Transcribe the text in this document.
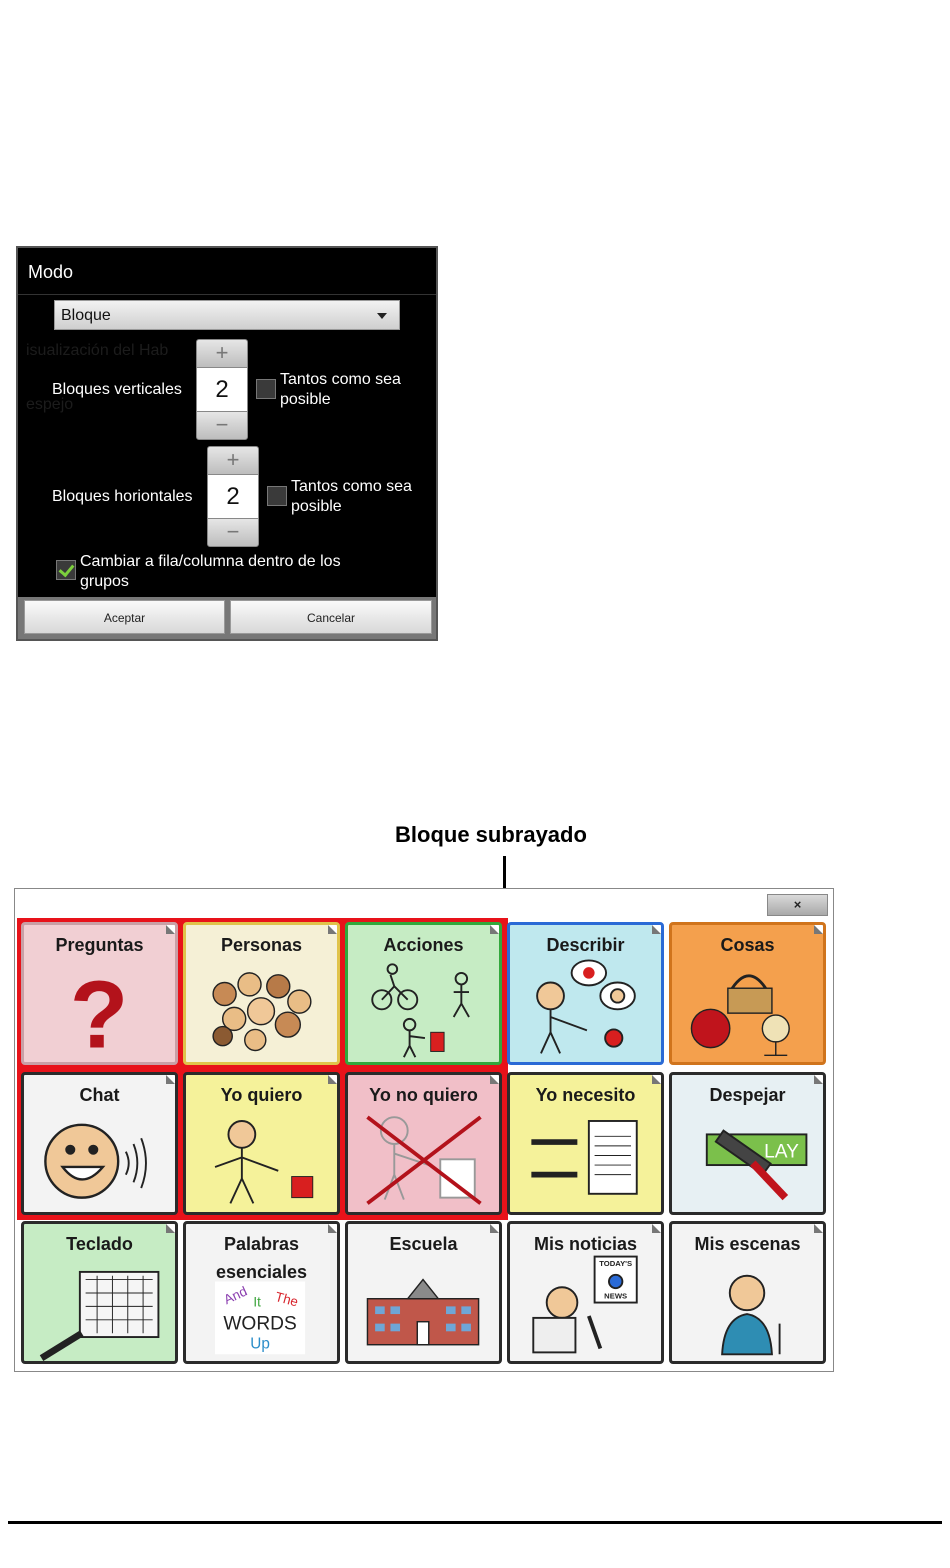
Modo
Bloque
isualización del Hab
espejo
Bloques verticales
+
2
−
Tantos como sea posible
Bloques horiontales
+
2
−
Tantos como sea posible
Cambiar a fila/columna dentro de los grupos
Aceptar	Cancelar
Bloque subrayado
×
?
Preguntas	Personas	Acciones	Describir	Cosas
Chat	Yo quiero	Yo no quiero	Yo necesito
LAY
Despejar
Teclado
And It The
WORDS
Up
Palabras esenciales
Escuela
TODAY'S
NEWS
Mis noticias	Mis escenas
